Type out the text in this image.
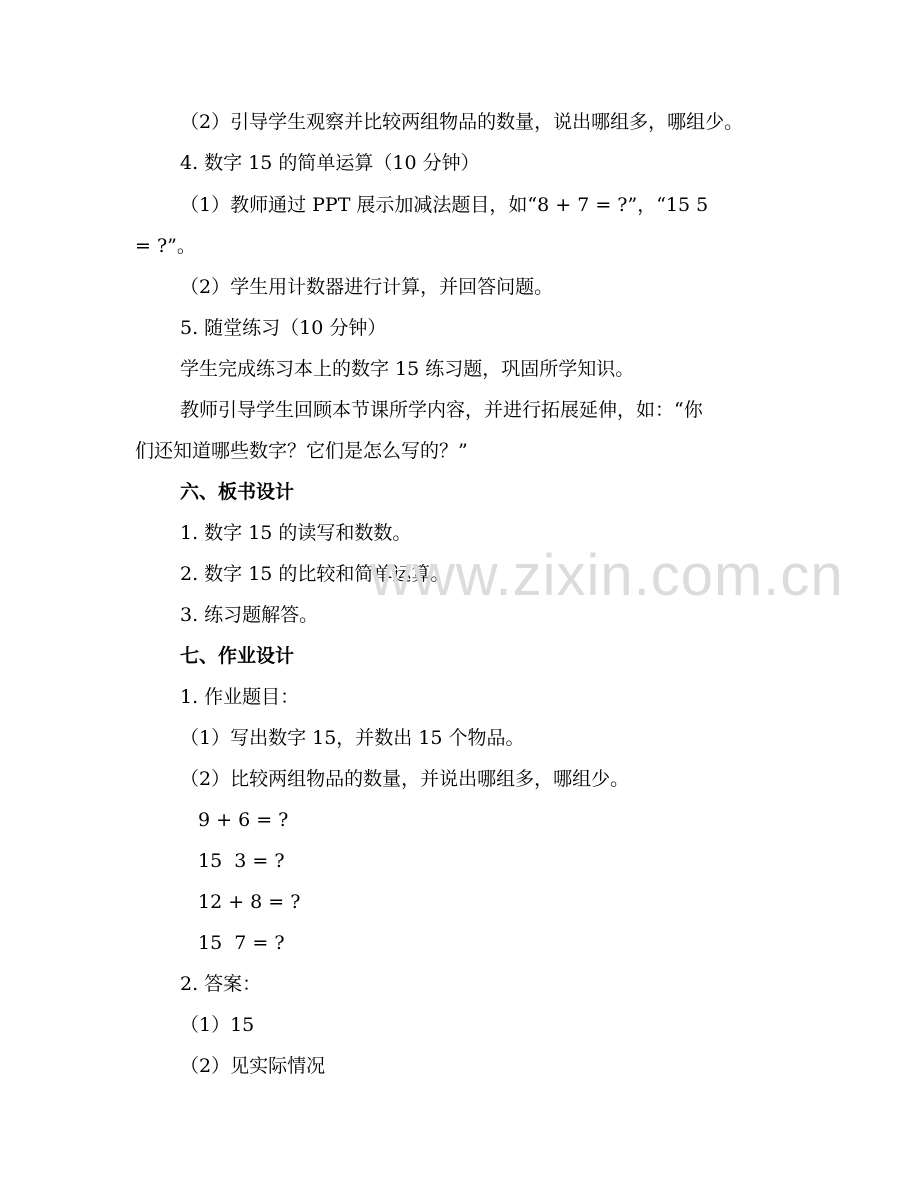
（2）引导学生观察并比较两组物品的数量，说出哪组多，哪组少。
4. 数字 15 的简单运算（10 分钟）
（1）教师通过 PPT 展示加减法题目，如“8 + 7 = ?”，“15 5
= ?”。
（2）学生用计数器进行计算，并回答问题。
5. 随堂练习（10 分钟）
学生完成练习本上的数字 15 练习题，巩固所学知识。
教师引导学生回顾本节课所学内容，并进行拓展延伸，如：“你
们还知道哪些数字？它们是怎么写的？”
六、板书设计
1. 数字 15 的读写和数数。
2. 数字 15 的比较和简单运算。
3. 练习题解答。
七、作业设计
1. 作业题目：
（1）写出数字 15，并数出 15 个物品。
（2）比较两组物品的数量，并说出哪组多，哪组少。
9 + 6 = ?
15  3 = ?
12 + 8 = ?
15  7 = ?
2. 答案：
（1）15
（2）见实际情况
www.zixin.com.cn
